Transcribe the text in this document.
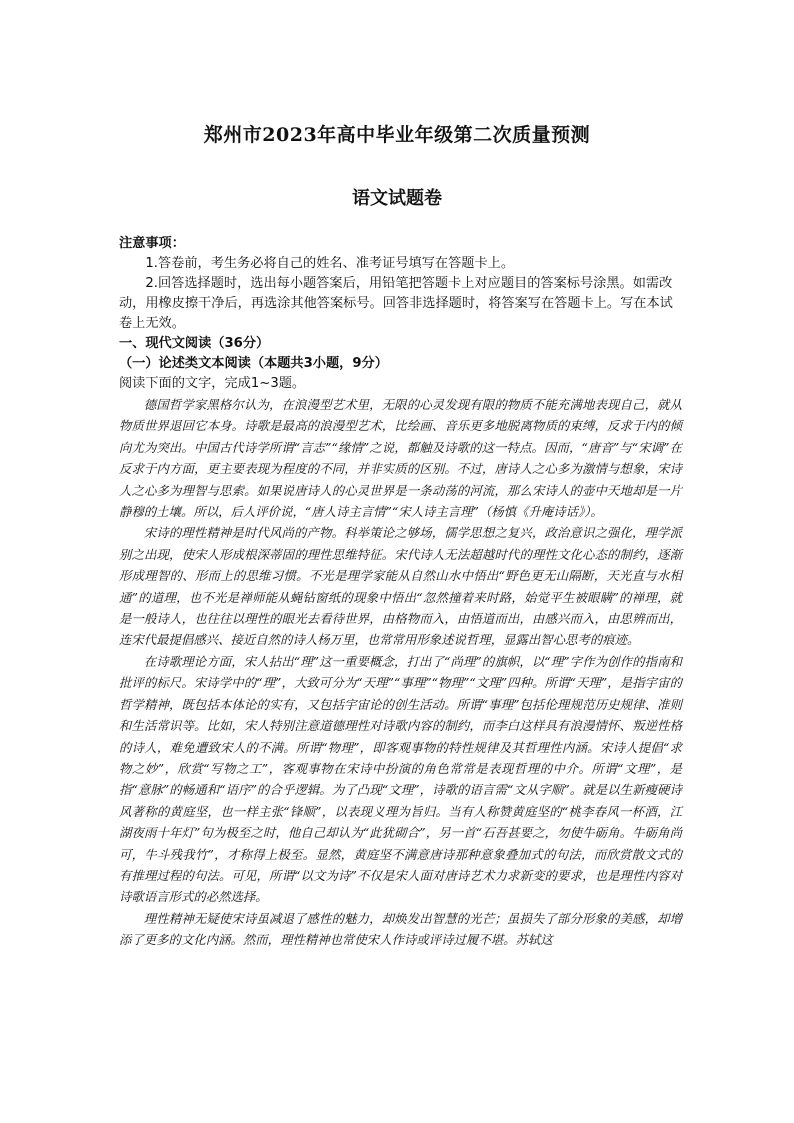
郑州市2023年高中毕业年级第二次质量预测
语文试题卷

注意事项：

1.答卷前，考生务必将自己的姓名、准考证号填写在答题卡上。

2.回答选择题时，选出每小题答案后，用铅笔把答题卡上对应题目的答案标号涂黑。如需改动，用橡皮擦干净后，再选涂其他答案标号。回答非选择题时，将答案写在答题卡上。写在本试卷上无效。

一、现代文阅读（36分）

（一）论述类文本阅读（本题共3小题，9分）

阅读下面的文字，完成1~3题。

德国哲学家黑格尔认为，在浪漫型艺术里，无限的心灵发现有限的物质不能充满地表现自己，就从物质世界退回它本身。诗歌是最高的浪漫型艺术，比绘画、音乐更多地脱离物质的束缚，反求于内的倾向尤为突出。中国古代诗学所谓“言志”“缘情”之说，都触及诗歌的这一特点。因而，“唐音”与“宋调”在反求于内方面，更主要表现为程度的不同，并非实质的区别。不过，唐诗人之心多为激情与想象，宋诗人之心多为理智与思索。如果说唐诗人的心灵世界是一条动荡的河流，那么宋诗人的壶中天地却是一片静穆的土壤。所以，后人评价说，“唐人诗主言情”“宋人诗主言理”（杨慎《升庵诗话》）。

宋诗的理性精神是时代风尚的产物。科举策论之够场，儒学思想之复兴，政治意识之强化，理学派别之出现，使宋人形成根深蒂固的理性思维特征。宋代诗人无法超越时代的理性文化心态的制约，逐渐形成理智的、形而上的思维习惯。不光是理学家能从自然山水中悟出“野色更无山隔断，天光直与水相通”的道理，也不光是禅师能从蝇钻窗纸的现象中悟出“忽然撞着来时路，始觉平生被眼瞒”的禅理，就是一般诗人，也往往以理性的眼光去看待世界，由格物而入，由悟道而出，由感兴而入，由思辨而出，连宋代最提倡感兴、接近自然的诗人杨万里，也常常用形象述说哲理，显露出智心思考的痕迹。

在诗歌理论方面，宋人拈出“理”这一重要概念，打出了“尚理”的旗帜，以“理”字作为创作的指南和批评的标尺。宋诗学中的“理”，大致可分为“天理”“事理”“物理”“文理”四种。所谓“天理”，是指宇宙的哲学精神，既包括本体论的实有，又包括宇宙论的创生活动。所谓“事理”包括伦理规范历史规律、准则和生活常识等。比如，宋人特别注意道德理性对诗歌内容的制约，而李白这样具有浪漫情怀、叛逆性格的诗人，难免遭致宋人的不满。所谓“物理”，即客观事物的特性规律及其哲理性内涵。宋诗人提倡“求物之妙”，欣赏“写物之工”，客观事物在宋诗中扮演的角色常常是表现哲理的中介。所谓“文理”，是指“意脉”的畅通和“语序”的合乎逻辑。为了凸现“文理”，诗歌的语言需“文从字顺”。就是以生新瘦硬诗风著称的黄庭坚，也一样主张“锋顺”，以表现义理为旨归。当有人称赞黄庭坚的“桃李春风一杯酒，江湖夜雨十年灯”句为极至之时，他自己却认为“此犹砌合”，另一首“石吾甚要之，勿使牛砺角。牛砺角尚可，牛斗残我竹”，才称得上极至。显然，黄庭坚不满意唐诗那种意象叠加式的句法，而欣赏散文式的有推理过程的句法。可见，所谓“以文为诗”不仅是宋人面对唐诗艺术力求新变的要求，也是理性内容对诗歌语言形式的必然选择。

理性精神无疑使宋诗虽减退了感性的魅力，却焕发出智慧的光芒；虽损失了部分形象的美感，却增添了更多的文化内涵。然而，理性精神也常使宋人作诗或评诗过履不堪。苏轼这
